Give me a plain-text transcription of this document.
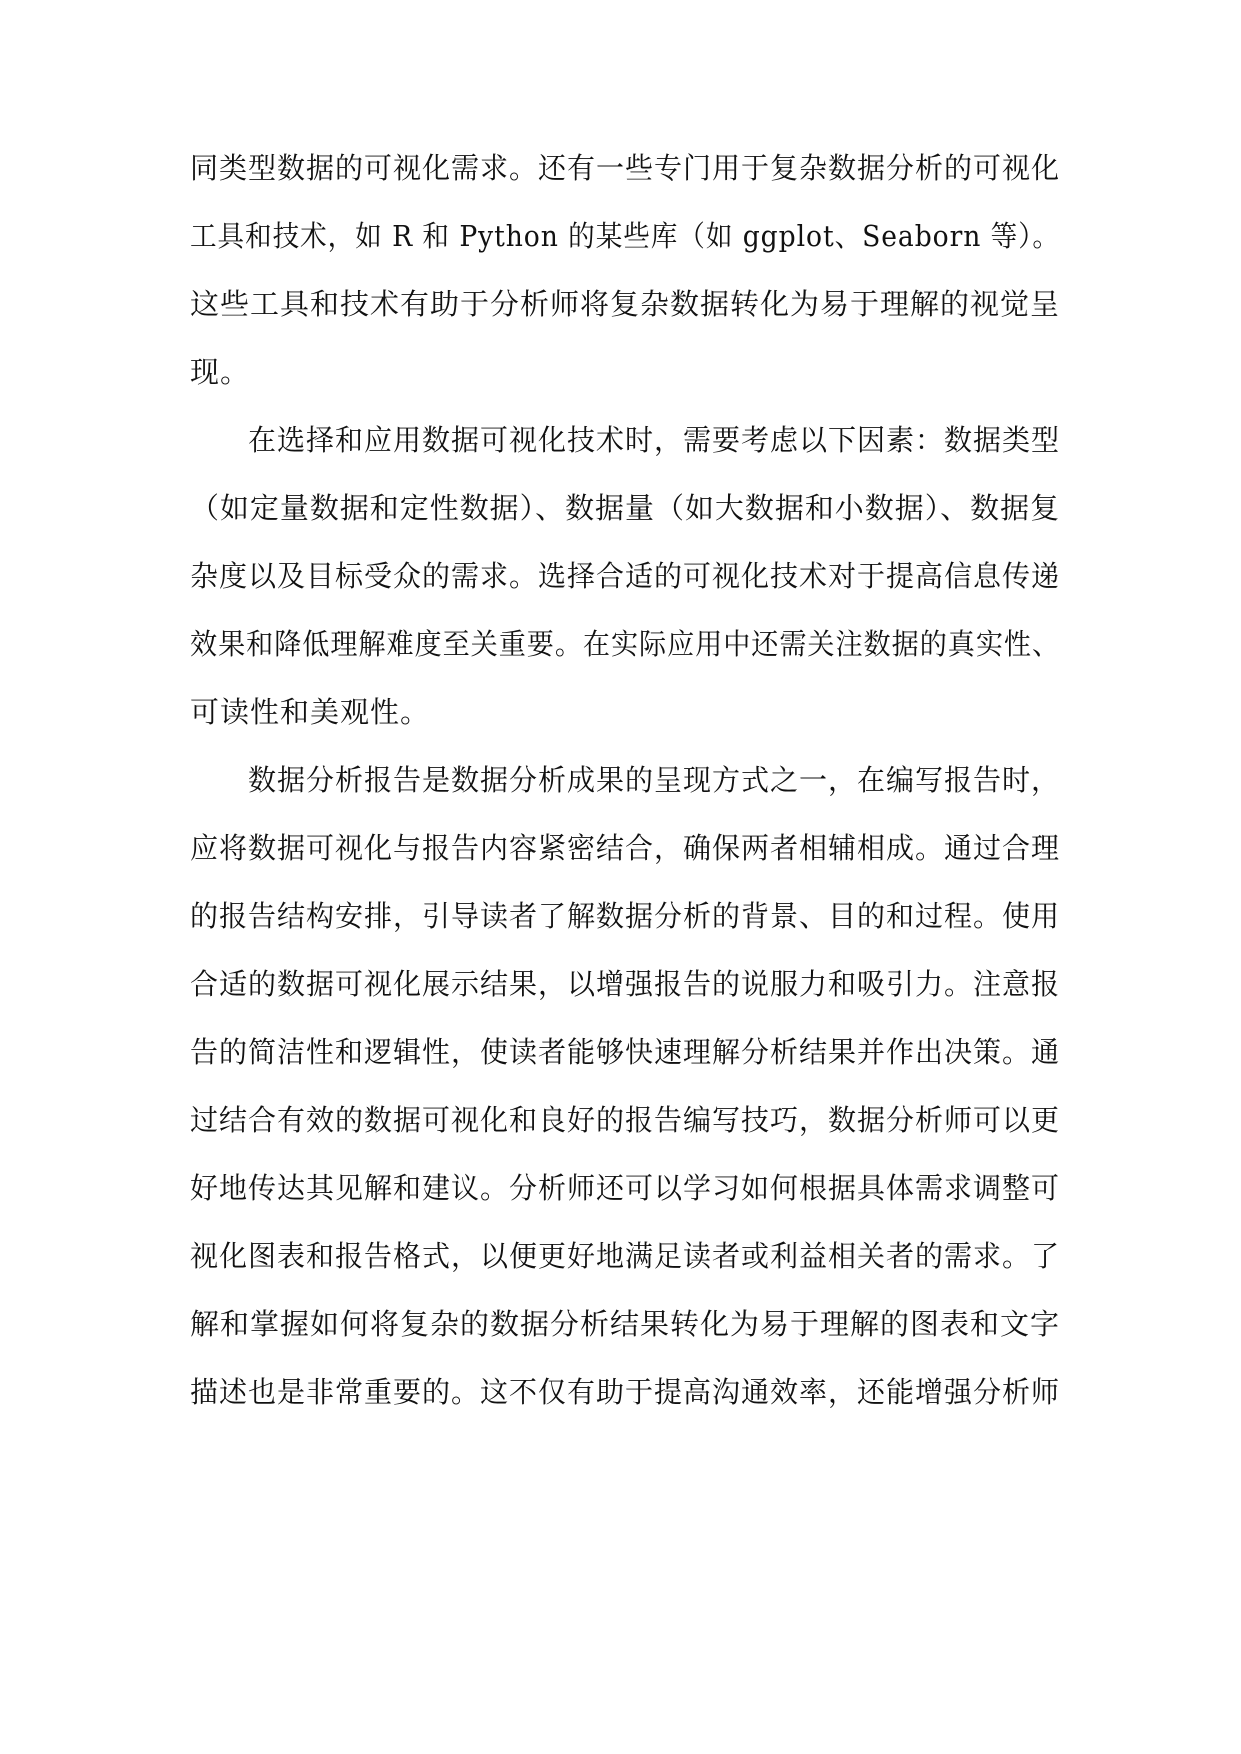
同类型数据的可视化需求。还有一些专门用于复杂数据分析的可视化
工具和技术，如 R 和 Python 的某些库（如 ggplot、Seaborn 等）。
这些工具和技术有助于分析师将复杂数据转化为易于理解的视觉呈
现。
在选择和应用数据可视化技术时，需要考虑以下因素：数据类型
（如定量数据和定性数据）、数据量（如大数据和小数据）、数据复
杂度以及目标受众的需求。选择合适的可视化技术对于提高信息传递
效果和降低理解难度至关重要。在实际应用中还需关注数据的真实性、
可读性和美观性。
数据分析报告是数据分析成果的呈现方式之一，在编写报告时，
应将数据可视化与报告内容紧密结合，确保两者相辅相成。通过合理
的报告结构安排，引导读者了解数据分析的背景、目的和过程。使用
合适的数据可视化展示结果，以增强报告的说服力和吸引力。注意报
告的简洁性和逻辑性，使读者能够快速理解分析结果并作出决策。通
过结合有效的数据可视化和良好的报告编写技巧，数据分析师可以更
好地传达其见解和建议。分析师还可以学习如何根据具体需求调整可
视化图表和报告格式，以便更好地满足读者或利益相关者的需求。了
解和掌握如何将复杂的数据分析结果转化为易于理解的图表和文字
描述也是非常重要的。这不仅有助于提高沟通效率，还能增强分析师
